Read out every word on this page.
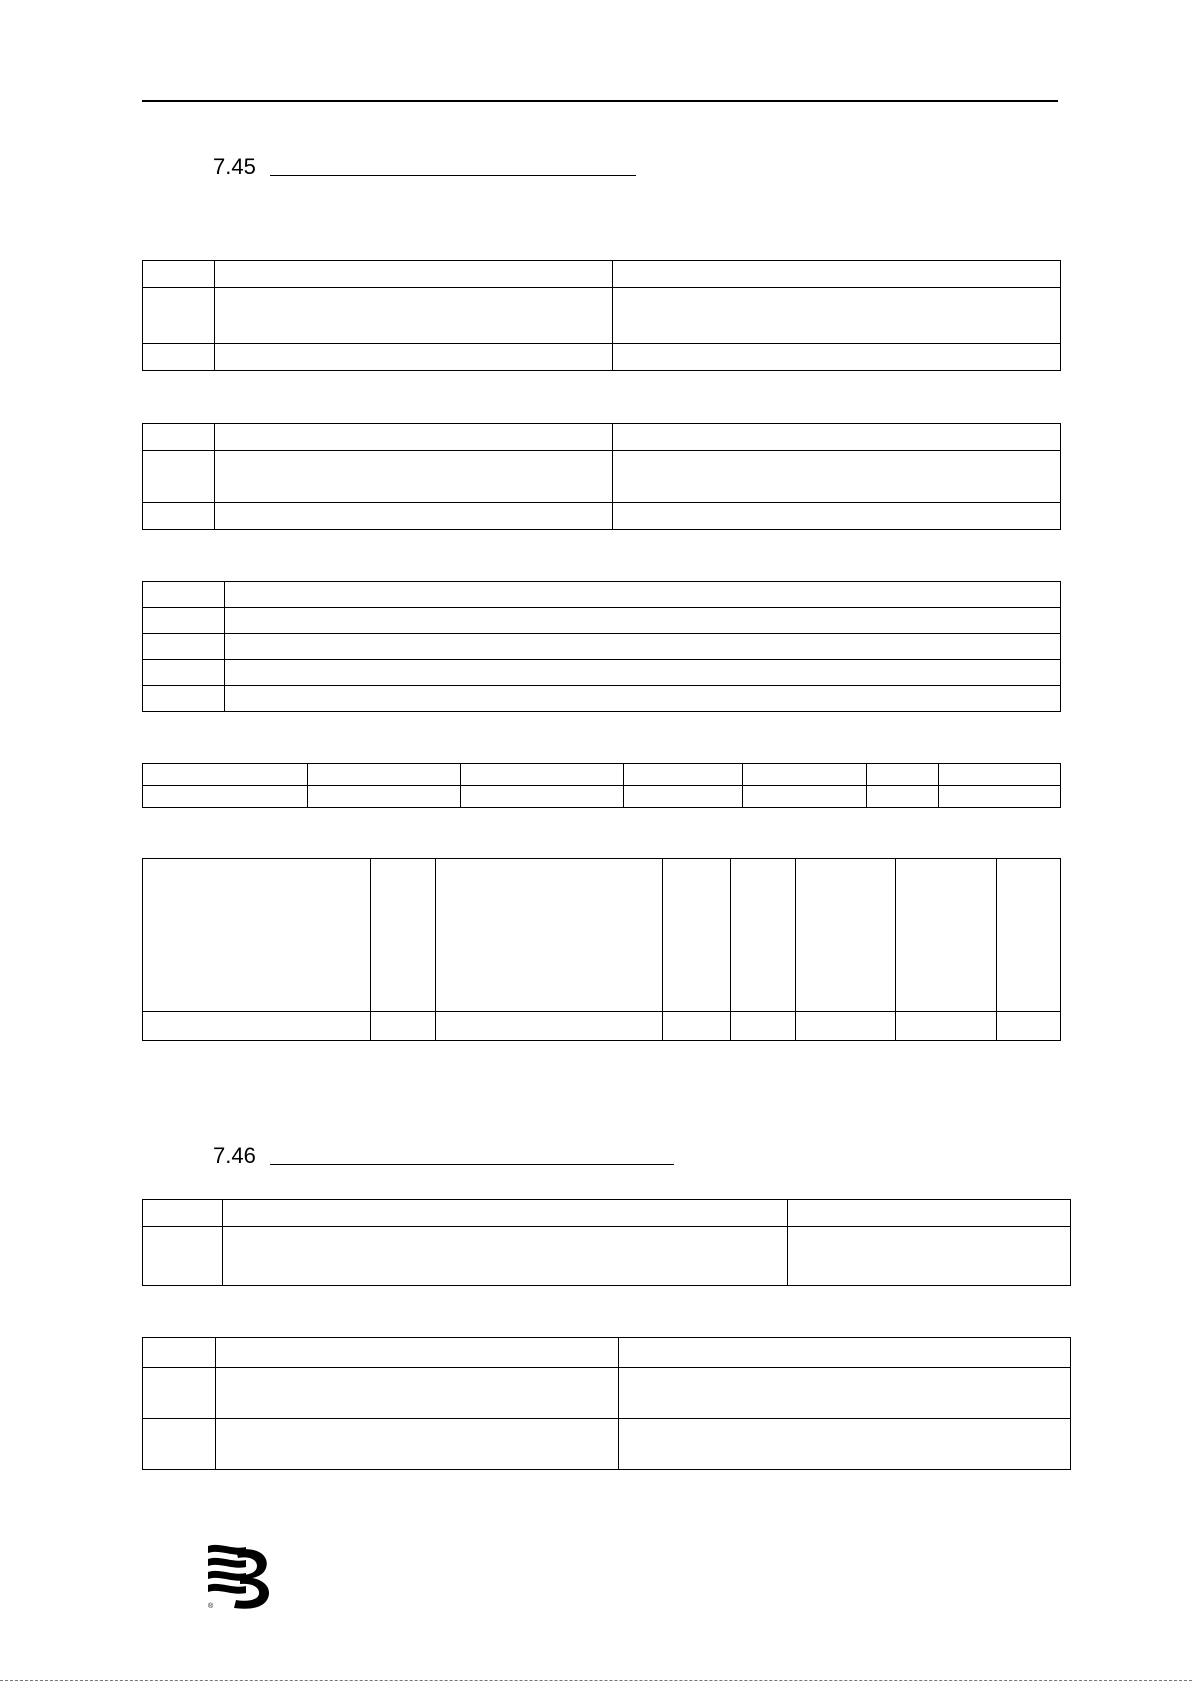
7.45

7.46

®
